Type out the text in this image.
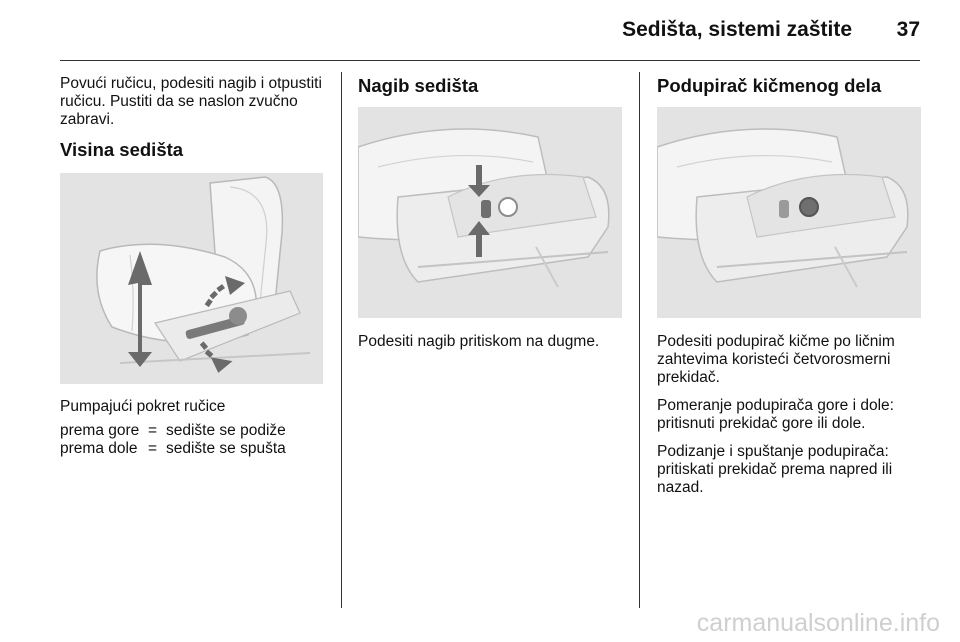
Sedišta, sistemi zaštite	37

Povući ručicu, podesiti nagib i otpustiti ručicu. Pustiti da se naslon zvučno zabravi.

Visina sedišta

Pumpajući pokret ručice

prema gore = sedište se podiže
prema dole = sedište se spušta
Nagib sedišta

Podesiti nagib pritiskom na dugme.

Podupirač kičmenog dela

Podesiti podupirač kičme po ličnim zahtevima koristeći četvorosmerni prekidač.

Pomeranje podupirača gore i dole: pritisnuti prekidač gore ili dole.

Podizanje i spuštanje podupirača: pritiskati prekidač prema napred ili nazad.

carmanualsonline.info
